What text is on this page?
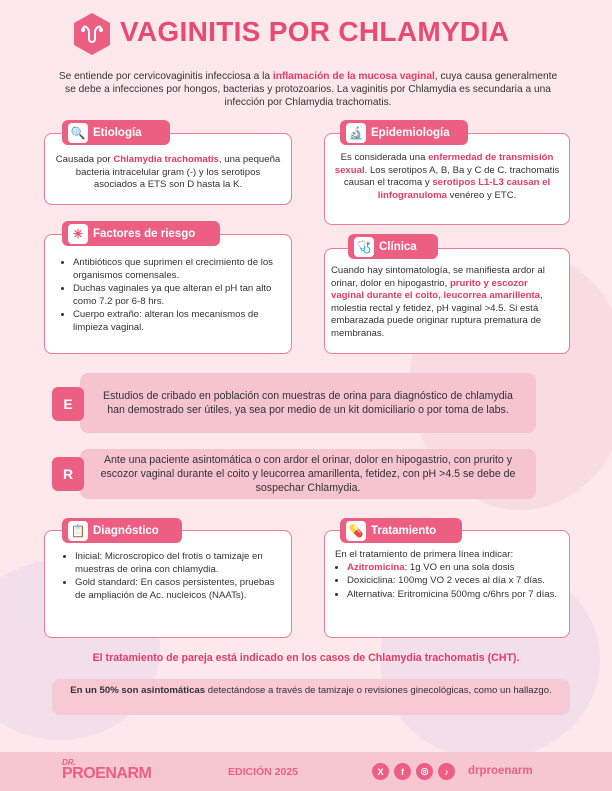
VAGINITIS POR CHLAMYDIA

Se entiende por cervicovaginitis infecciosa a la inflamación de la mucosa vaginal, cuya causa generalmente se debe a infecciones por hongos, bacterias y protozoarios. La vaginitis por Chlamydia es secundaria a una infección por Chlamydia trachomatis.

Causada por Chlamydia trachomatis, una pequeña bacteria intracelular gram (-) y los serotipos asociados a ETS son D hasta la K.
🔍 Etiología
Es considerada una enfermedad de transmisión sexual. Los serotipos A, B, Ba y C de C. trachomatis causan el tracoma y serotipos L1-L3 causan el linfogranuloma venéreo y ETC.
🔬 Epidemiología
• Antibióticos que suprimen el crecimiento de los organismos comensales.
• Duchas vaginales ya que alteran el pH tan alto como 7.2 por 6-8 hrs.
• Cuerpo extraño: alteran los mecanismos de limpieza vaginal.
✳ Factores de riesgo
Cuando hay sintomatología, se manifiesta ardor al orinar, dolor en hipogastrio, prurito y escozor vaginal durante el coito, leucorrea amarillenta, molestia rectal y fetidez, pH vaginal >4.5. Si está embarazada puede originar ruptura prematura de membranas.
🩺 Clínica
Estudios de cribado en población con muestras de orina para diagnóstico de chlamydia han demostrado ser útiles, ya sea por medio de un kit domiciliario o por toma de labs.
E
Ante una paciente asintomática o con ardor el orinar, dolor en hipogastrio, con prurito y escozor vaginal durante el coito y leucorrea amarillenta, fetidez, con pH >4.5 se debe de sospechar Chlamydia.
R
• Inicial: Microscropico del frotis o tamizaje en muestras de orina con chlamydia.
• Gold standard: En casos persistentes, pruebas de ampliación de Ac. nucleicos (NAATs).
📋 Diagnóstico
En el tratamiento de primera línea indicar:
• Azitromicina: 1g VO en una sola dosis
• Doxiciclina: 100mg VO 2 veces al día x 7 días.
• Alternativa: Eritromicina 500mg c/6hrs por 7 días.
💊 Tratamiento
El tratamiento de pareja está indicado en los casos de Chlamydia trachomatis (CHT).
En un 50% son asintomáticas detectándose a través de tamizaje o revisiones ginecológicas, como un hallazgo.
DR.
PROENARM	EDICIÓN 2025	X	f	◎	♪	drproenarm
